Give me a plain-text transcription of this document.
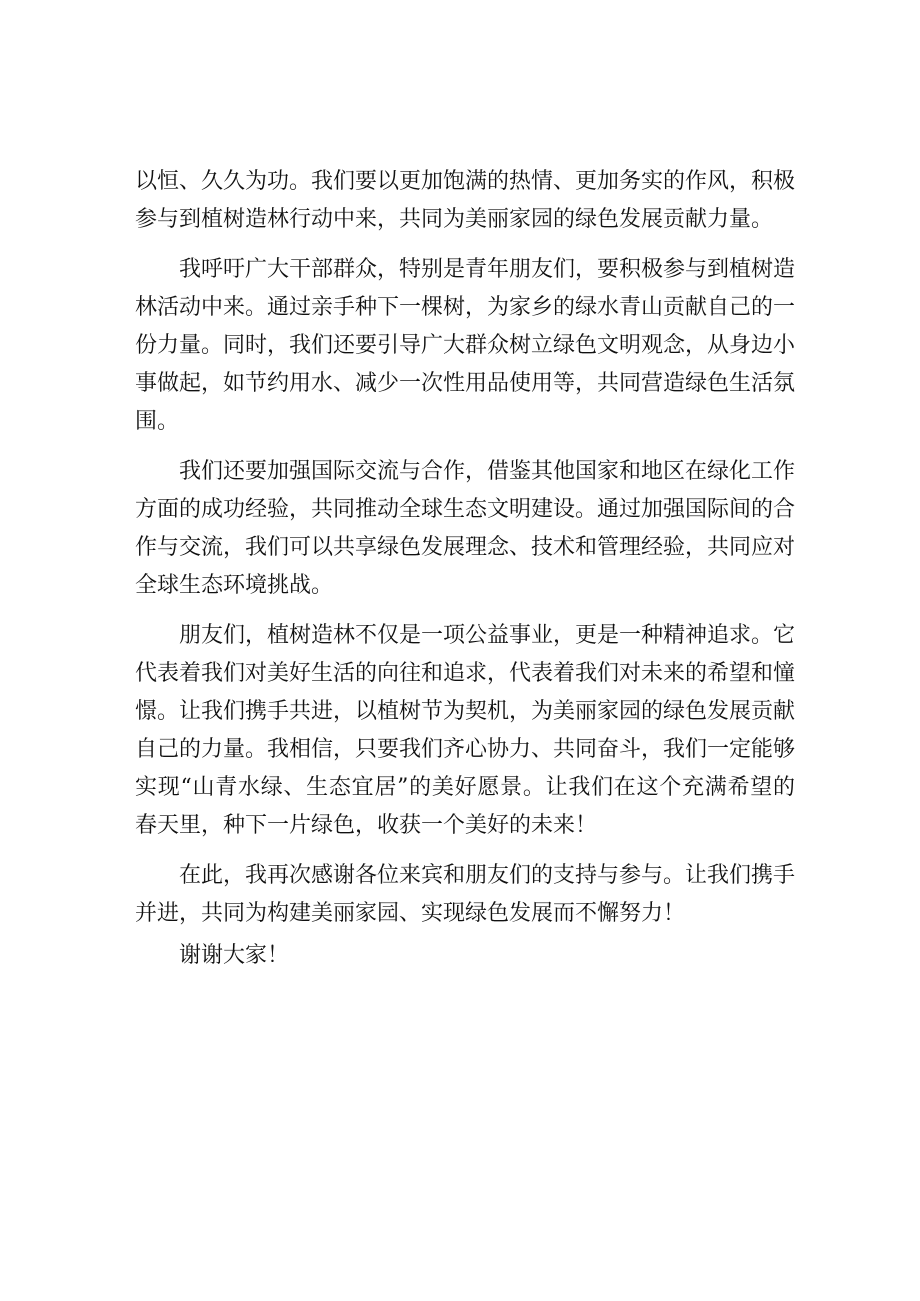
以恒、久久为功。我们要以更加饱满的热情、更加务实的作风，积极参与到植树造林行动中来，共同为美丽家园的绿色发展贡献力量。

我呼吁广大干部群众，特别是青年朋友们，要积极参与到植树造林活动中来。通过亲手种下一棵树，为家乡的绿水青山贡献自己的一份力量。同时，我们还要引导广大群众树立绿色文明观念，从身边小事做起，如节约用水、减少一次性用品使用等，共同营造绿色生活氛围。

我们还要加强国际交流与合作，借鉴其他国家和地区在绿化工作方面的成功经验，共同推动全球生态文明建设。通过加强国际间的合作与交流，我们可以共享绿色发展理念、技术和管理经验，共同应对全球生态环境挑战。

朋友们，植树造林不仅是一项公益事业，更是一种精神追求。它代表着我们对美好生活的向往和追求，代表着我们对未来的希望和憧憬。让我们携手共进，以植树节为契机，为美丽家园的绿色发展贡献自己的力量。我相信，只要我们齐心协力、共同奋斗，我们一定能够实现“山青水绿、生态宜居”的美好愿景。让我们在这个充满希望的春天里，种下一片绿色，收获一个美好的未来！

在此，我再次感谢各位来宾和朋友们的支持与参与。让我们携手并进，共同为构建美丽家园、实现绿色发展而不懈努力！

谢谢大家！
